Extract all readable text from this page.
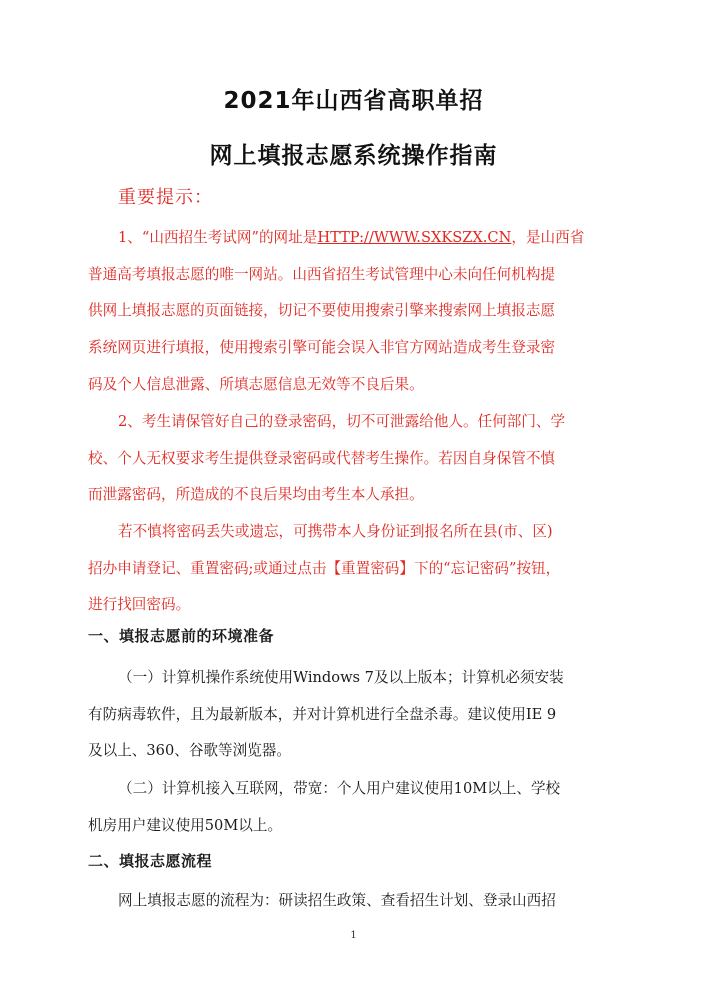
2021年山西省高职单招
网上填报志愿系统操作指南
重要提示：
1、“山西招生考试网”的网址是HTTP://WWW.SXKSZX.CN，是山西省
普通高考填报志愿的唯一网站。山西省招生考试管理中心未向任何机构提
供网上填报志愿的页面链接，切记不要使用搜索引擎来搜索网上填报志愿
系统网页进行填报，使用搜索引擎可能会误入非官方网站造成考生登录密
码及个人信息泄露、所填志愿信息无效等不良后果。
2、考生请保管好自己的登录密码，切不可泄露给他人。任何部门、学
校、个人无权要求考生提供登录密码或代替考生操作。若因自身保管不慎
而泄露密码，所造成的不良后果均由考生本人承担。
若不慎将密码丢失或遗忘，可携带本人身份证到报名所在县(市、区)
招办申请登记、重置密码;或通过点击【重置密码】下的“忘记密码”按钮，
进行找回密码。
一、填报志愿前的环境准备
（一）计算机操作系统使用Windows 7及以上版本；计算机必须安装
有防病毒软件，且为最新版本，并对计算机进行全盘杀毒。建议使用IE 9
及以上、360、谷歌等浏览器。
（二）计算机接入互联网，带宽：个人用户建议使用10M以上、学校
机房用户建议使用50M以上。
二、填报志愿流程
网上填报志愿的流程为：研读招生政策、查看招生计划、登录山西招
1
